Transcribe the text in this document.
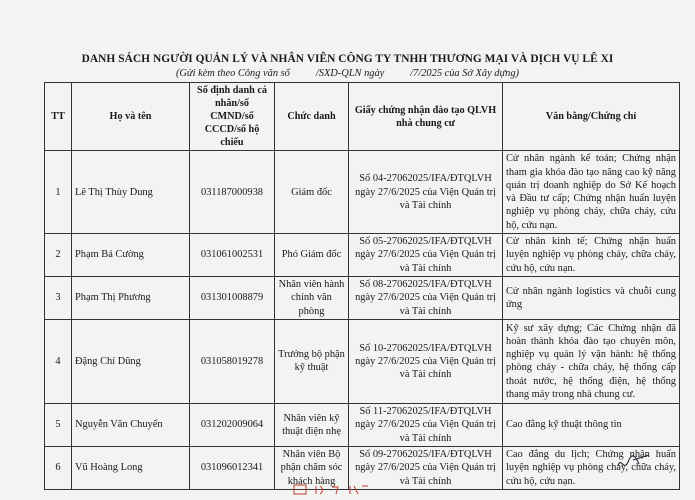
DANH SÁCH NGƯỜI QUẢN LÝ VÀ NHÂN VIÊN CÔNG TY TNHH THƯƠNG MẠI VÀ DỊCH VỤ LÊ XI
(Gửi kèm theo Công văn số	/SXD-QLN ngày	/7/2025 của Sở Xây dựng)
TT	Họ và tên	Số định danh cá nhân/số CMND/số CCCD/số hộ chiếu	Chức danh	Giấy chứng nhận đào tạo QLVH nhà chung cư	Văn bằng/Chứng chỉ
1	Lê Thị Thùy Dung	031187000938	Giám đốc	Số 04-27062025/IFA/ĐTQLVH ngày 27/6/2025 của Viện Quản trị và Tài chính	Cử nhân ngành kế toán; Chứng nhận tham gia khóa đào tạo nâng cao kỹ năng quản trị doanh nghiệp do Sở Kế hoạch và Đầu tư cấp; Chứng nhận huấn luyện nghiệp vụ phòng cháy, chữa cháy, cứu hộ, cứu nạn.
2	Phạm Bá Cường	031061002531	Phó Giám đốc	Số 05-27062025/IFA/ĐTQLVH ngày 27/6/2025 của Viện Quản trị và Tài chính	Cử nhân kinh tế; Chứng nhận huấn luyện nghiệp vụ phòng cháy, chữa cháy, cứu hộ, cứu nạn.
3	Phạm Thị Phương	031301008879	Nhân viên hành chính văn phòng	Số 08-27062025/IFA/ĐTQLVH ngày 27/6/2025 của Viện Quản trị và Tài chính	Cử nhân ngành logistics và chuỗi cung ứng
4	Đặng Chí Dũng	031058019278	Trưởng bộ phận kỹ thuật	Số 10-27062025/IFA/ĐTQLVH ngày 27/6/2025 của Viện Quản trị và Tài chính	Kỹ sư xây dựng; Các Chứng nhận đã hoàn thành khóa đào tạo chuyên môn, nghiệp vụ quản lý vận hành: hệ thống phòng cháy - chữa cháy, hệ thống cấp thoát nước, hệ thống điện, hệ thống thang máy trong nhà chung cư.
5	Nguyễn Văn Chuyển	031202009064	Nhân viên kỹ thuật điện nhẹ	Số 11-27062025/IFA/ĐTQLVH ngày 27/6/2025 của Viện Quản trị và Tài chính	Cao đẳng kỹ thuật thông tin
6	Vũ Hoàng Long	031096012341	Nhân viên Bộ phận chăm sóc khách hàng	Số 09-27062025/IFA/ĐTQLVH ngày 27/6/2025 của Viện Quản trị và Tài chính	Cao đẳng du lịch; Chứng nhận huấn luyện nghiệp vụ phòng cháy, chữa cháy, cứu hộ, cứu nạn.
